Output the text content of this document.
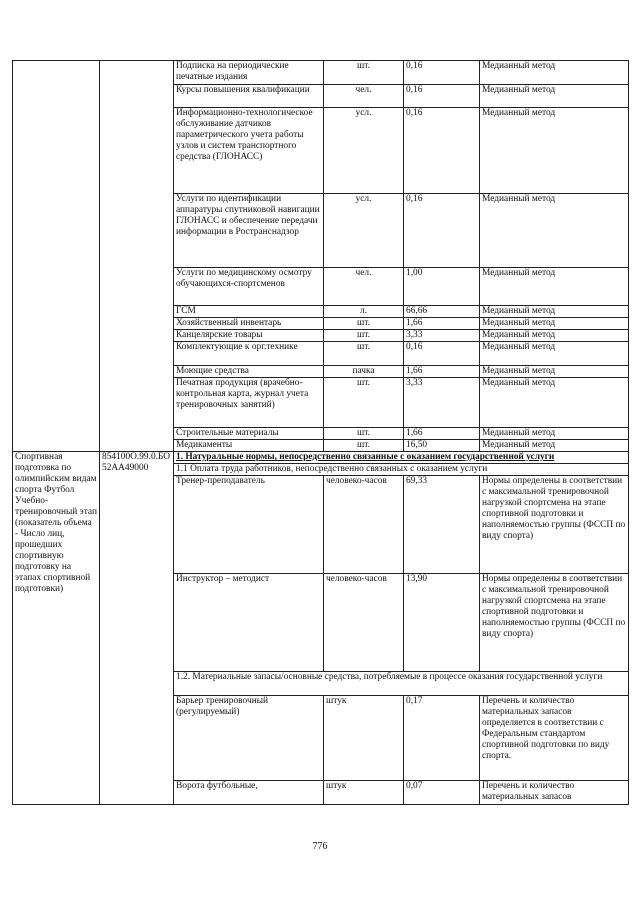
		Подписка на периодические печатные издания	шт.	0,16	Медианный метод
		Курсы повышения квалификации	чел.	0,16	Медианный метод
		Информационно-технологическое обслуживание датчиков параметрического учета работы узлов и систем транспортного средства (ГЛОНАСС)	усл.	0,16	Медианный метод
		Услуги по идентификации аппаратуры спутниковой навигации ГЛОНАСС и обеспечение передачи информации в Ространснадзор	усл.	0,16	Медианный метод
		Услуги по медицинскому осмотру обучающихся-спортсменов	чел.	1,00	Медианный метод
		ГСМ	л.	66,66	Медианный метод
		Хозяйственный инвентарь	шт.	1,66	Медианный метод
		Канцелярские товары	шт.	3,33	Медианный метод
		Комплектующие к орг.технике	шт.	0,16	Медианный метод
		Моющие средства	пачка	1,66	Медианный метод
		Печатная продукция (врачебно-контрольная карта, журнал учета тренировочных занятий)	шт.	3,33	Медианный метод
		Строительные материалы	шт.	1,66	Медианный метод
		Медикаменты	шт.	16,50	Медианный метод
Спортивная подготовка по олимпийским видам спорта Футбол Учебно-тренировочный этап (показатель объема - Число лиц, прошедших спортивную подготовку на этапах спортивной подготовки)	854100О.99.0.БО52АА49000	1. Натуральные нормы, непосредственно связанные с оказанием государственной услуги			
		1.1 Оплата труда работников, непосредственно связанных с оказанием услуги			
		Тренер-преподаватель	человеко-часов	69,33	Нормы определены в соответствии с максимальной тренировочной нагрузкой спортсмена на этапе спортивной подготовки и наполняемостью группы (ФССП по виду спорта)
		Инструктор – методист	человеко-часов	13,90	Нормы определены в соответствии с максимальной тренировочной нагрузкой спортсмена на этапе спортивной подготовки и наполняемостью группы (ФССП по виду спорта)
		1.2. Материальные запасы/основные средства, потребляемые в процессе оказания государственной услуги			
		Барьер тренировочный (регулируемый)	штук	0,17	Перечень и количество материальных запасов определяется в соответствии с Федеральным стандартом спортивной подготовки по виду спорта.
		Ворота футбольные,	штук	0,07	Перечень и количество материальных запасов
776
